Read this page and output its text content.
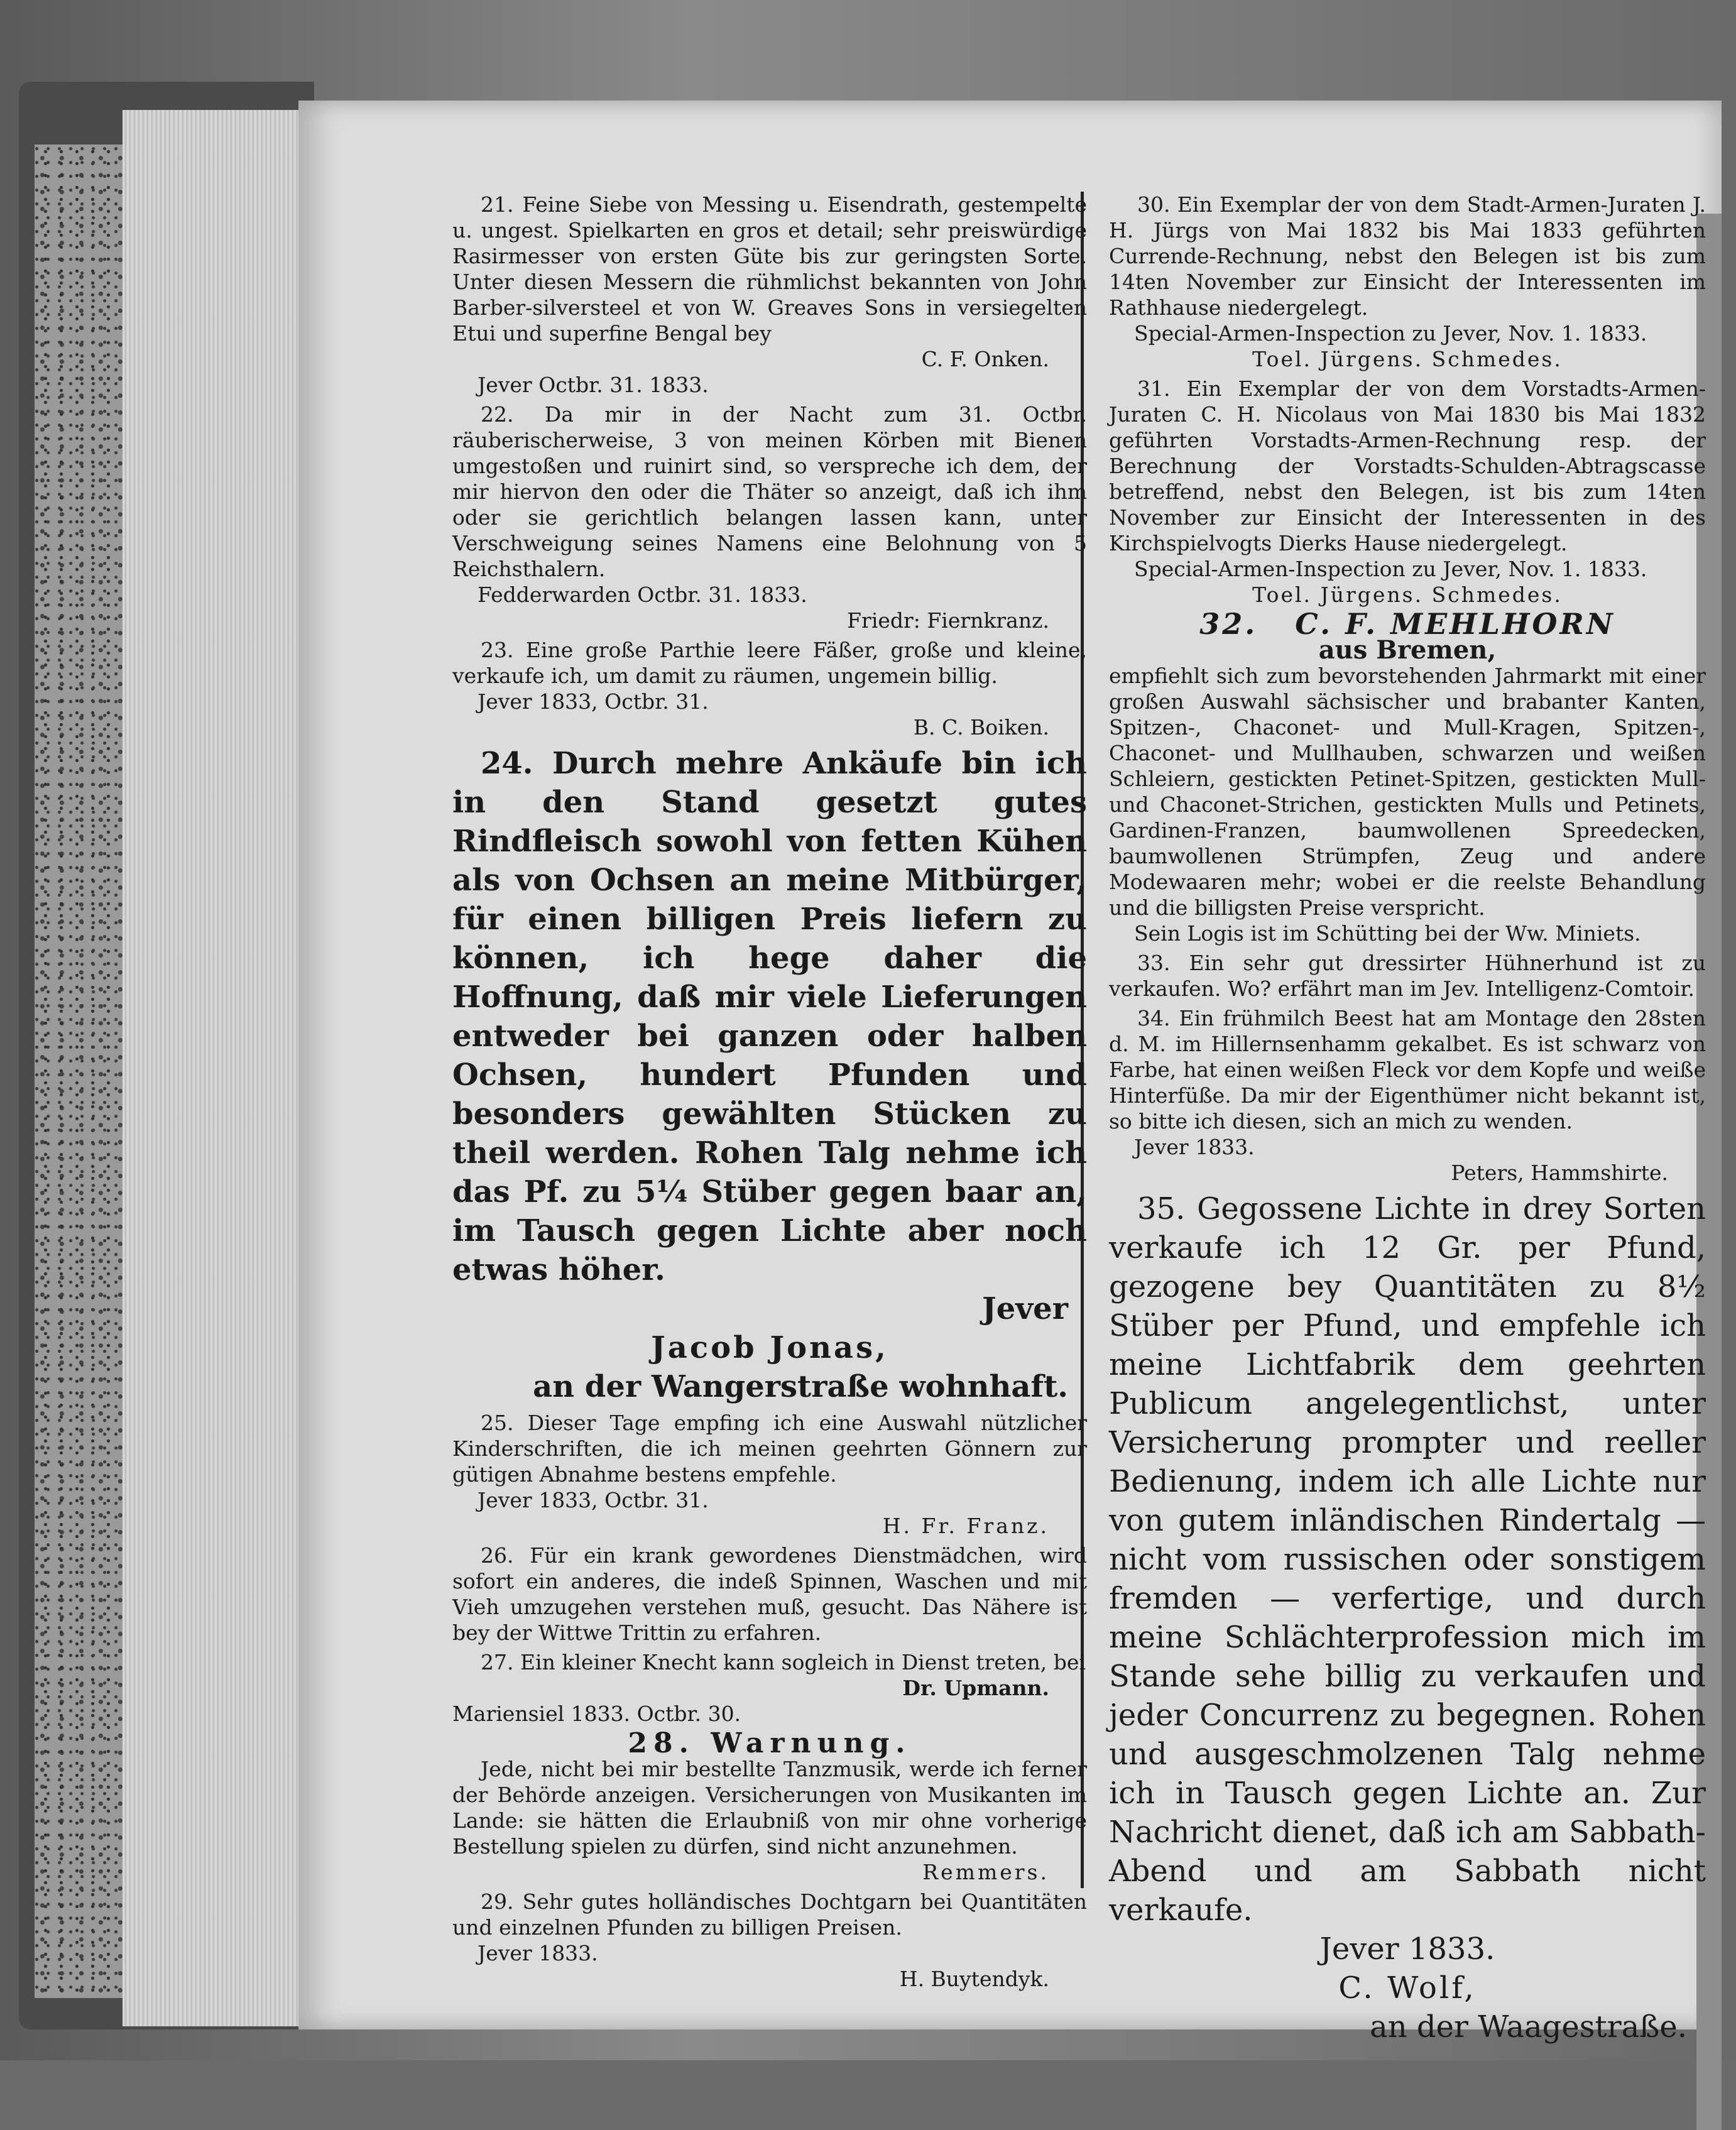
21. Feine Siebe von Messing u. Eisendrath, gestempelte u. ungest. Spielkarten en gros et detail; sehr preiswürdige Rasirmesser von ersten Güte bis zur geringsten Sorte. Unter diesen Messern die rühmlichst bekannten von John Barber-silversteel et von W. Greaves Sons in versiegelten Etui und superfine Bengal bey

C. F. Onken.

Jever Octbr. 31. 1833.

22. Da mir in der Nacht zum 31. Octbr. räuberischerweise, 3 von meinen Körben mit Bienen umgestoßen und ruinirt sind, so verspreche ich dem, der mir hiervon den oder die Thäter so anzeigt, daß ich ihm oder sie gerichtlich belangen lassen kann, unter Verschweigung seines Namens eine Belohnung von 5 Reichsthalern.

Fedderwarden Octbr. 31. 1833.

Friedr: Fiernkranz.

23. Eine große Parthie leere Fäßer, große und kleine, verkaufe ich, um damit zu räumen, ungemein billig.

Jever 1833, Octbr. 31.

B. C. Boiken.

24. Durch mehre Ankäufe bin ich in den Stand gesetzt gutes Rindfleisch sowohl von fetten Kühen als von Ochsen an meine Mitbürger, für einen billigen Preis liefern zu können, ich hege daher die Hoffnung, daß mir viele Lieferungen entweder bei ganzen oder halben Ochsen, hundert Pfunden und besonders gewählten Stücken zu theil werden. Rohen Talg nehme ich das Pf. zu 5¼ Stüber gegen baar an, im Tausch gegen Lichte aber noch etwas höher.

Jever

Jacob Jonas,

an der Wangerstraße wohnhaft.

25. Dieser Tage empfing ich eine Auswahl nützlicher Kinderschriften, die ich meinen geehrten Gönnern zur gütigen Abnahme bestens empfehle.

Jever 1833, Octbr. 31.

H. Fr. Franz.

26. Für ein krank gewordenes Dienstmädchen, wird sofort ein anderes, die indeß Spinnen, Waschen und mit Vieh umzugehen verstehen muß, gesucht. Das Nähere ist bey der Wittwe Trittin zu erfahren.

27. Ein kleiner Knecht kann sogleich in Dienst treten, bei

Dr. Upmann.

Mariensiel 1833. Octbr. 30.

28. Warnung.

Jede, nicht bei mir bestellte Tanzmusik, werde ich ferner der Behörde anzeigen. Versicherungen von Musikanten im Lande: sie hätten die Erlaubniß von mir ohne vorherige Bestellung spielen zu dürfen, sind nicht anzunehmen.

Remmers.

29. Sehr gutes holländisches Dochtgarn bei Quantitäten und einzelnen Pfunden zu billigen Preisen.

Jever 1833.

H. Buytendyk.

30. Ein Exemplar der von dem Stadt-Armen-Juraten J. H. Jürgs von Mai 1832 bis Mai 1833 geführten Currende-Rechnung, nebst den Belegen ist bis zum 14ten November zur Einsicht der Interessenten im Rathhause niedergelegt.

Special-Armen-Inspection zu Jever, Nov. 1. 1833.

Toel. Jürgens. Schmedes.

31. Ein Exemplar der von dem Vorstadts-Armen-Juraten C. H. Nicolaus von Mai 1830 bis Mai 1832 geführten Vorstadts-Armen-Rechnung resp. der Berechnung der Vorstadts-Schulden-Abtragscasse betreffend, nebst den Belegen, ist bis zum 14ten November zur Einsicht der Interessenten in des Kirchspielvogts Dierks Hause niedergelegt.

Special-Armen-Inspection zu Jever, Nov. 1. 1833.

Toel. Jürgens. Schmedes.

32. C. F. MEHLHORN

aus Bremen,

empfiehlt sich zum bevorstehenden Jahrmarkt mit einer großen Auswahl sächsischer und brabanter Kanten, Spitzen-, Chaconet- und Mull-Kragen, Spitzen-, Chaconet- und Mullhauben, schwarzen und weißen Schleiern, gestickten Petinet-Spitzen, gestickten Mull- und Chaconet-Strichen, gestickten Mulls und Petinets, Gardinen-Franzen, baumwollenen Spreedecken, baumwollenen Strümpfen, Zeug und andere Modewaaren mehr; wobei er die reelste Behandlung und die billigsten Preise verspricht.

Sein Logis ist im Schütting bei der Ww. Miniets.

33. Ein sehr gut dressirter Hühnerhund ist zu verkaufen. Wo? erfährt man im Jev. Intelligenz-Comtoir.

34. Ein frühmilch Beest hat am Montage den 28sten d. M. im Hillernsenhamm gekalbet. Es ist schwarz von Farbe, hat einen weißen Fleck vor dem Kopfe und weiße Hinterfüße. Da mir der Eigenthümer nicht bekannt ist, so bitte ich diesen, sich an mich zu wenden.

Jever 1833.

Peters, Hammshirte.

35. Gegossene Lichte in drey Sorten verkaufe ich 12 Gr. per Pfund, gezogene bey Quantitäten zu 8½ Stüber per Pfund, und empfehle ich meine Lichtfabrik dem geehrten Publicum angelegentlichst, unter Versicherung prompter und reeller Bedienung, indem ich alle Lichte nur von gutem inländischen Rindertalg — nicht vom russischen oder sonstigem fremden — verfertige, und durch meine Schlächterprofession mich im Stande sehe billig zu verkaufen und jeder Concurrenz zu begegnen. Rohen und ausgeschmolzenen Talg nehme ich in Tausch gegen Lichte an. Zur Nachricht dienet, daß ich am Sabbath-Abend und am Sabbath nicht verkaufe.

Jever 1833.

C. Wolf,

an der Waagestraße.
